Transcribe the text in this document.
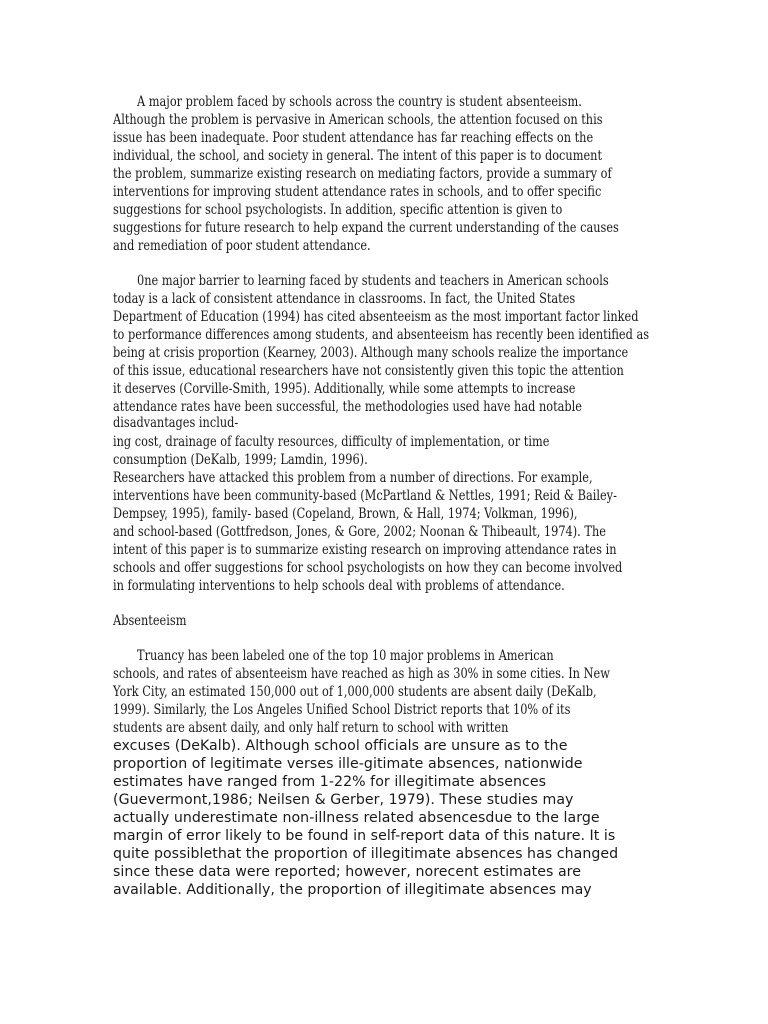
A major problem faced by schools across the country is student absenteeism.
Although the problem is pervasive in American schools, the attention focused on this
issue has been inadequate. Poor student attendance has far reaching effects on the
individual, the school, and society in general. The intent of this paper is to document
the problem, summarize existing research on mediating factors, provide a summary of
interventions for improving student attendance rates in schools, and to offer specific
suggestions for school psychologists. In addition, specific attention is given to
suggestions for future research to help expand the current understanding of the causes
and remediation of poor student attendance.
0ne major barrier to learning faced by students and teachers in American schools
today is a lack of consistent attendance in classrooms. In fact, the United States
Department of Education (1994) has cited absenteeism as the most important factor linked
to performance differences among students, and absenteeism has recently been identified as
being at crisis proportion (Kearney, 2003). Although many schools realize the importance
of this issue, educational researchers have not consistently given this topic the attention
it deserves (Corville-Smith, 1995). Additionally, while some attempts to increase
attendance rates have been successful, the methodologies used have had notable
disadvantages includ-
ing cost, drainage of faculty resources, difficulty of implementation, or time
consumption (DeKalb, 1999; Lamdin, 1996).
Researchers have attacked this problem from a number of directions. For example,
interventions have been community-based (McPartland & Nettles, 1991; Reid & Bailey-
Dempsey, 1995), family- based (Copeland, Brown, & Hall, 1974; Volkman, 1996),
and school-based (Gottfredson, Jones, & Gore, 2002; Noonan & Thibeault, 1974). The
intent of this paper is to summarize existing research on improving attendance rates in
schools and offer suggestions for school psychologists on how they can become involved
in formulating interventions to help schools deal with problems of attendance.
Absenteeism
Truancy has been labeled one of the top 10 major problems in American
schools, and rates of absenteeism have reached as high as 30% in some cities. In New
York City, an estimated 150,000 out of 1,000,000 students are absent daily (DeKalb,
1999). Similarly, the Los Angeles Unified School District reports that 10% of its
students are absent daily, and only half return to school with written
excuses (DeKalb). Although school officials are unsure as to the
proportion of legitimate verses ille-gitimate absences, nationwide
estimates have ranged from 1-22% for illegitimate absences
(Guevermont,1986; Neilsen & Gerber, 1979). These studies may
actually underestimate non-illness related absencesdue to the large
margin of error likely to be found in self-report data of this nature. It is
quite possiblethat the proportion of illegitimate absences has changed
since these data were reported; however, norecent estimates are
available. Additionally, the proportion of illegitimate absences may
